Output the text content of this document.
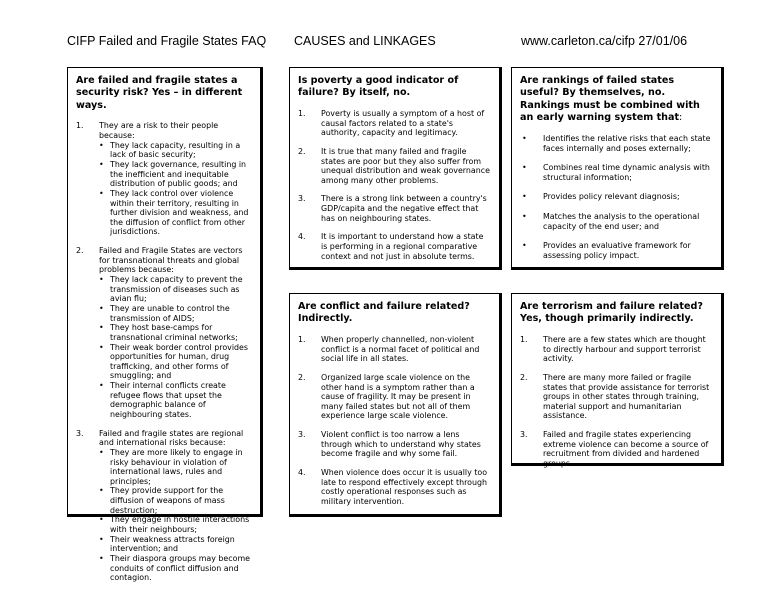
CIFP Failed and Fragile States FAQ CAUSES and LINKAGES	www.carleton.ca/cifp 27/01/06
Are failed and fragile states a security risk? Yes – in different ways.
1. They are a risk to their people because:
• They lack capacity, resulting in a lack of basic security;
• They lack governance, resulting in the inefficient and inequitable distribution of public goods; and
• They lack control over violence within their territory, resulting in further division and weakness, and the diffusion of conflict from other jurisdictions.
2. Failed and Fragile States are vectors for transnational threats and global problems because:
• They lack capacity to prevent the transmission of diseases such as avian flu;
• They are unable to control the transmission of AIDS;
• They host base-camps for transnational criminal networks;
• Their weak border control provides opportunities for human, drug trafficking, and other forms of smuggling; and
• Their internal conflicts create refugee flows that upset the demographic balance of neighbouring states.
3. Failed and fragile states are regional and international risks because:
• They are more likely to engage in risky behaviour in violation of international laws, rules and principles;
• They provide support for the diffusion of weapons of mass destruction;
• They engage in hostile interactions with their neighbours;
• Their weakness attracts foreign intervention; and
• Their diaspora groups may become conduits of conflict diffusion and contagion.
Is poverty a good indicator of failure? By itself, no.
1. Poverty is usually a symptom of a host of causal factors related to a state's authority, capacity and legitimacy.
2. It is true that many failed and fragile states are poor but they also suffer from unequal distribution and weak governance among many other problems.
3. There is a strong link between a country's GDP/capita and the negative effect that has on neighbouring states.
4. It is important to understand how a state is performing in a regional comparative context and not just in absolute terms.
Are rankings of failed states useful? By themselves, no. Rankings must be combined with an early warning system that:
• Identifies the relative risks that each state faces internally and poses externally;
• Combines real time dynamic analysis with structural information;
• Provides policy relevant diagnosis;
• Matches the analysis to the operational capacity of the end user; and
• Provides an evaluative framework for assessing policy impact.
Are conflict and failure related? Indirectly.
1. When properly channelled, non-violent conflict is a normal facet of political and social life in all states.
2. Organized large scale violence on the other hand is a symptom rather than a cause of fragility. It may be present in many failed states but not all of them experience large scale violence.
3. Violent conflict is too narrow a lens through which to understand why states become fragile and why some fail.
4. When violence does occur it is usually too late to respond effectively except through costly operational responses such as military intervention.
Are terrorism and failure related? Yes, though primarily indirectly.
1. There are a few states which are thought to directly harbour and support terrorist activity.
2. There are many more failed or fragile states that provide assistance for terrorist groups in other states through training, material support and humanitarian assistance.
3. Failed and fragile states experiencing extreme violence can become a source of recruitment from divided and hardened groups.
